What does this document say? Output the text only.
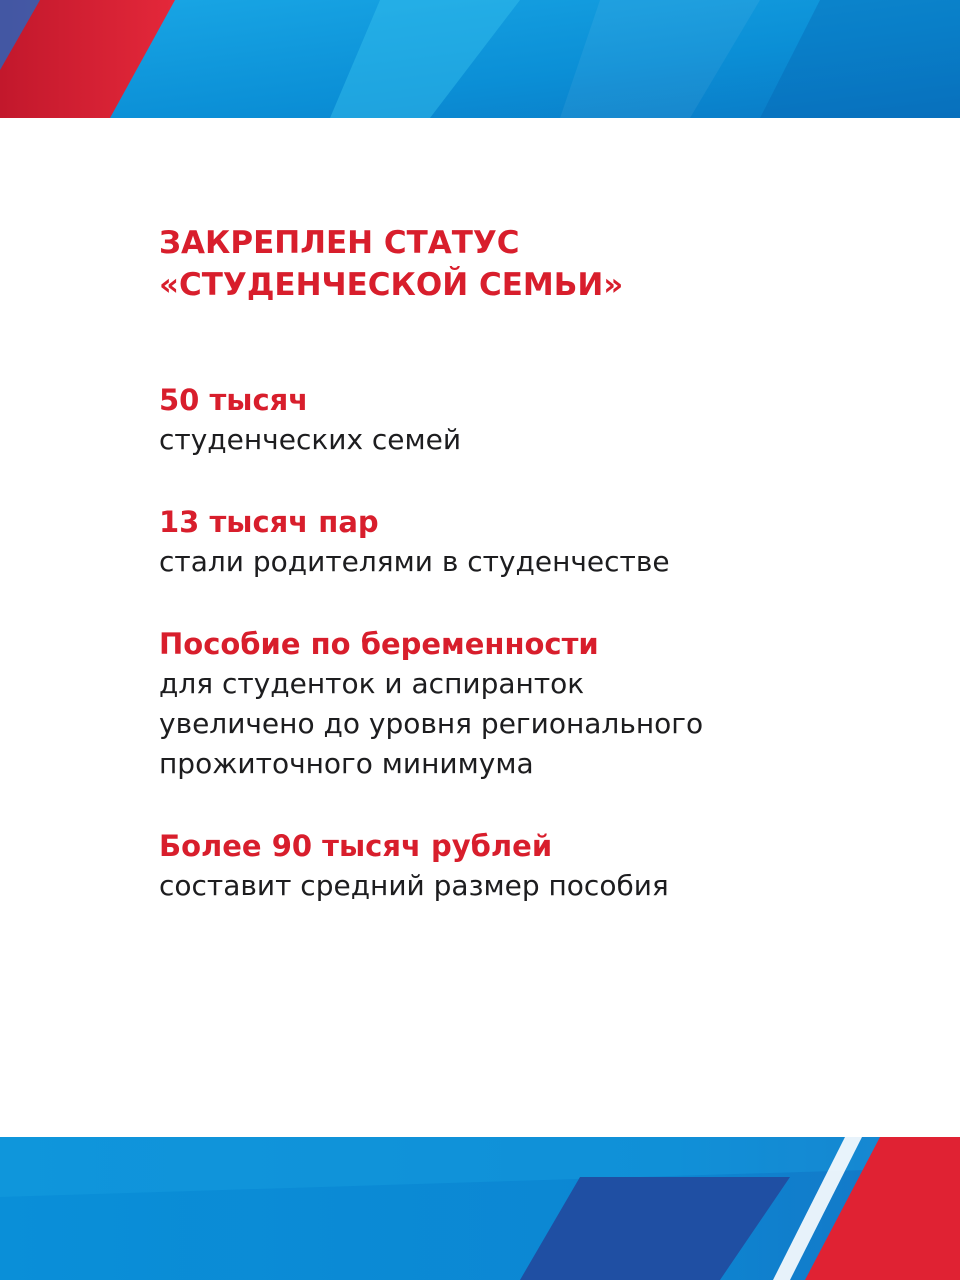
ЗАКРЕПЛЕН СТАТУС
«СТУДЕНЧЕСКОЙ СЕМЬИ»
50 тысяч
студенческих семей
13 тысяч пар
стали родителями в студенчестве
Пособие по беременности
для студенток и аспиранток
увеличено до уровня регионального
прожиточного минимума
Более 90 тысяч рублей
составит средний размер пособия
